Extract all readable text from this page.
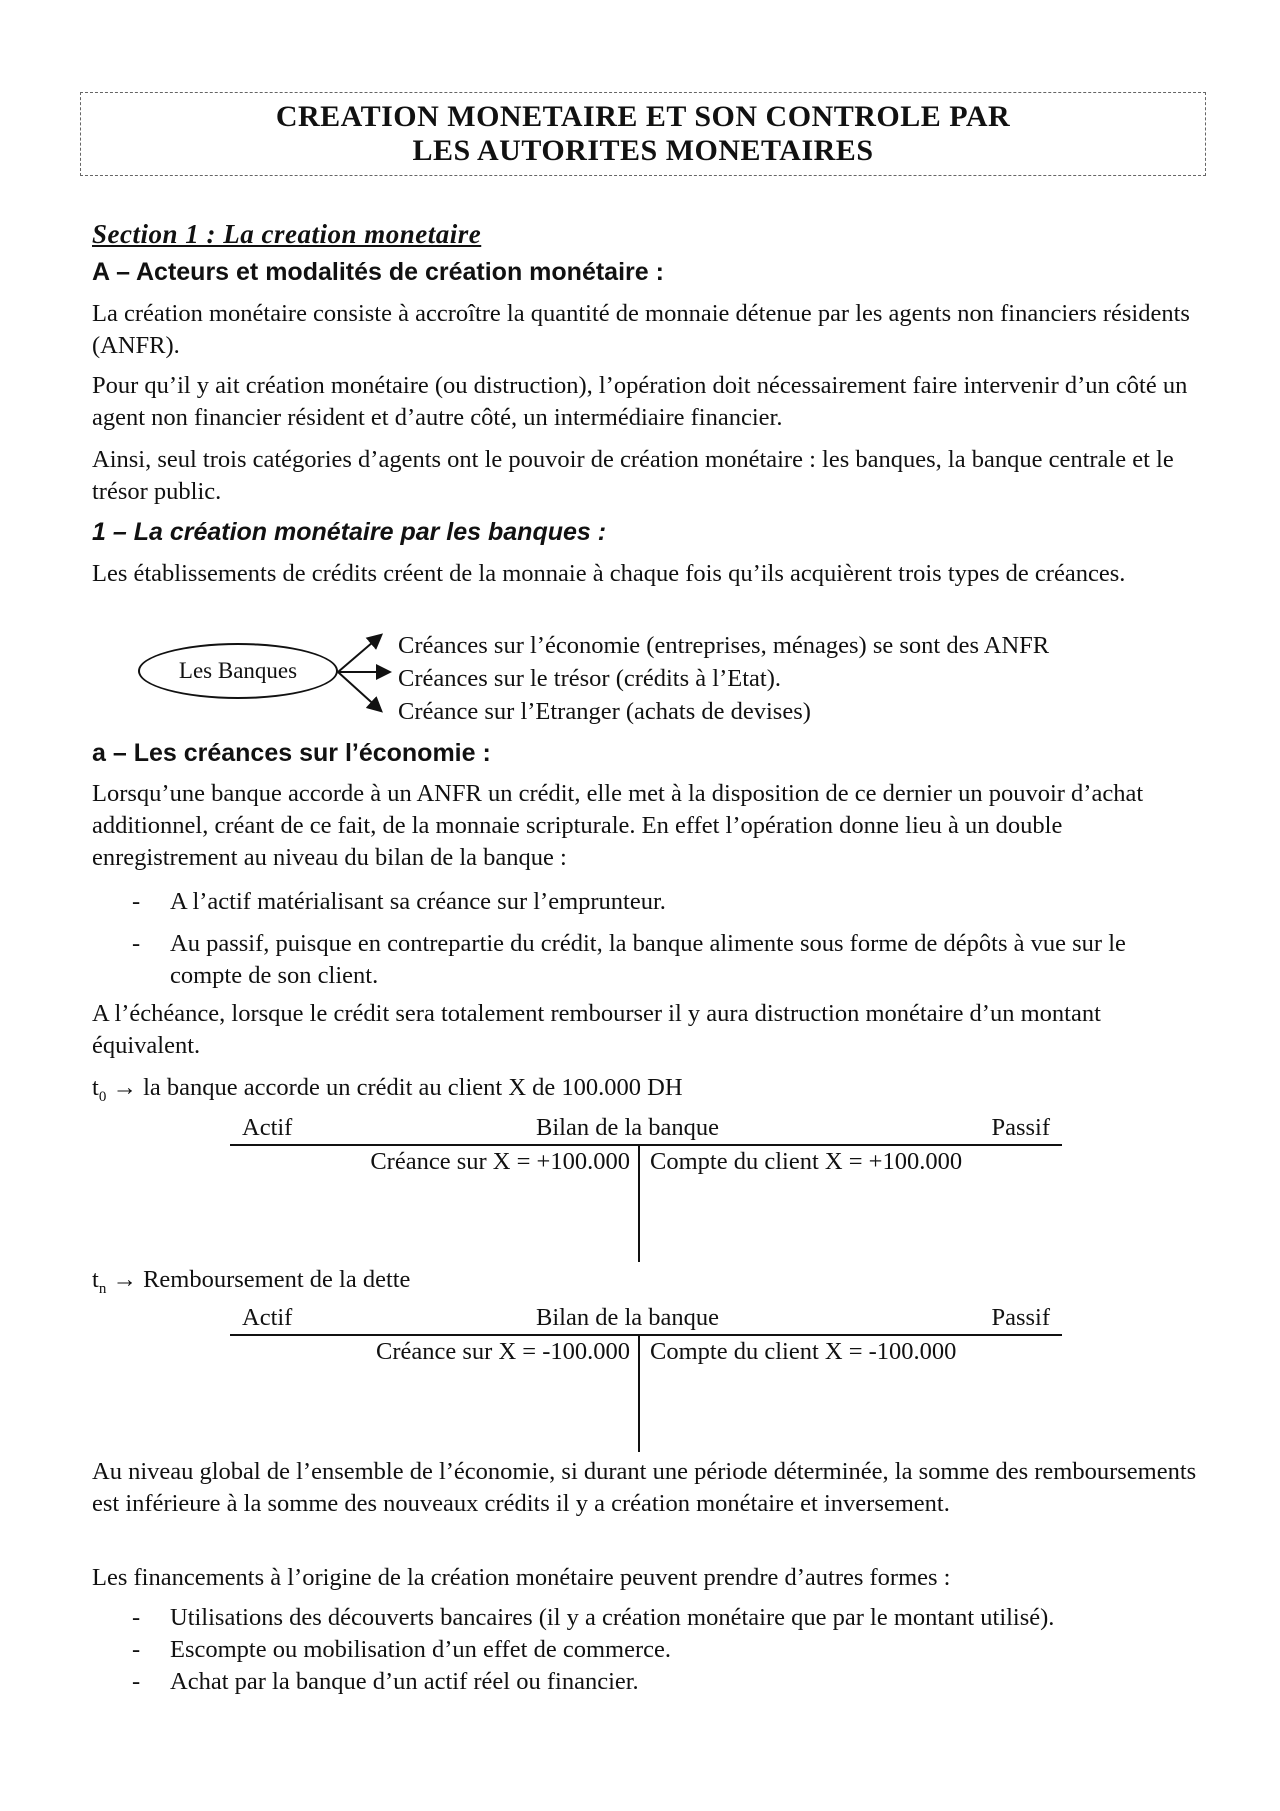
CREATION MONETAIRE ET SON CONTROLE PAR
LES AUTORITES MONETAIRES
Section 1 : La creation monetaire
A – Acteurs et modalités de création monétaire :
La création monétaire consiste à accroître la quantité de monnaie détenue par les agents non financiers résidents (ANFR).
Pour qu’il y ait création monétaire (ou distruction), l’opération doit nécessairement faire intervenir d’un côté un agent non financier résident et d’autre côté, un intermédiaire financier.
Ainsi, seul trois catégories d’agents ont le pouvoir de création monétaire : les banques, la banque centrale et le trésor public.
1 – La création monétaire par les banques :
Les établissements de crédits créent de la monnaie à chaque fois qu’ils acquièrent trois types de créances.
Les Banques
Créances sur l’économie (entreprises, ménages) se sont des ANFR
Créances sur le trésor (crédits à l’Etat).
Créance sur l’Etranger (achats de devises)
a – Les créances sur l’économie :
Lorsqu’une banque accorde à un ANFR un crédit, elle met à la disposition de ce dernier un pouvoir d’achat additionnel, créant de ce fait, de la monnaie scripturale. En effet l’opération donne lieu à un double enregistrement au niveau du bilan de la banque :
- A l’actif matérialisant sa créance sur l’emprunteur.
- Au passif, puisque en contrepartie du crédit, la banque alimente sous forme de dépôts à vue sur le compte de son client.
A l’échéance, lorsque le crédit sera totalement rembourser il y aura distruction monétaire d’un montant équivalent.
$t_0$ → la banque accorde un crédit au client X de 100.000 DH
Actif	Bilan de la banque	Passif
Créance sur X = +100.000 Compte du client X = +100.000
$t_n$ → Remboursement de la dette
Actif	Bilan de la banque	Passif
Créance sur X = -100.000 Compte du client X = -100.000
Au niveau global de l’ensemble de l’économie, si durant une période déterminée, la somme des remboursements est inférieure à la somme des nouveaux crédits il y a création monétaire et inversement.
Les financements à l’origine de la création monétaire peuvent prendre d’autres formes :
- Utilisations des découverts bancaires (il y a création monétaire que par le montant utilisé).
- Escompte ou mobilisation d’un effet de commerce.
- Achat par la banque d’un actif réel ou financier.
